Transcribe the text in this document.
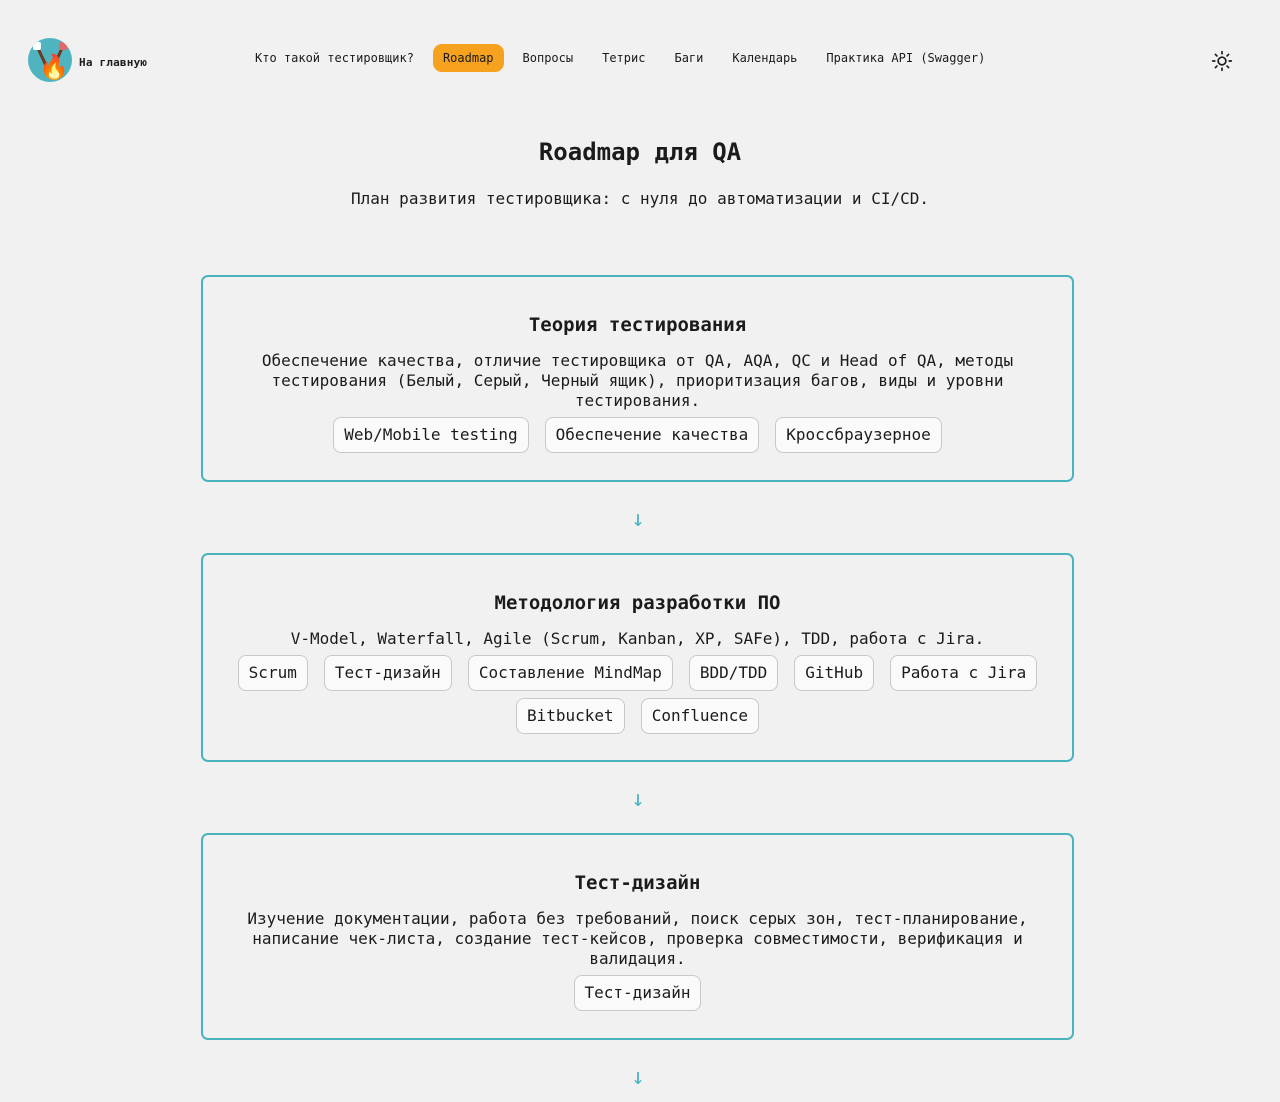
🔥 На главную	Кто такой тестировщик?	Roadmap	Вопросы	Тетрис	Баги	Календарь	Практика API (Swagger)
Roadmap для QA

План развития тестировщика: с нуля до автоматизации и CI/CD.

Теория тестирования

Обеспечение качества, отличие тестировщика от QA, AQA, QC и Head of QA, методы тестирования (Белый, Серый, Черный ящик), приоритизация багов, виды и уровни тестирования.

Web/Mobile testing	Обеспечение качества	Кроссбраузерное
↓
Методология разработки ПО

V-Model, Waterfall, Agile (Scrum, Kanban, XP, SAFe), TDD, работа с Jira.

Scrum	Тест-дизайн	Составление MindMap	BDD/TDD	GitHub	Работа с Jira
Bitbucket	Confluence
↓
Тест-дизайн

Изучение документации, работа без требований, поиск серых зон, тест-планирование, написание чек-листа, создание тест-кейсов, проверка совместимости, верификация и валидация.

Тест-дизайн
↓
